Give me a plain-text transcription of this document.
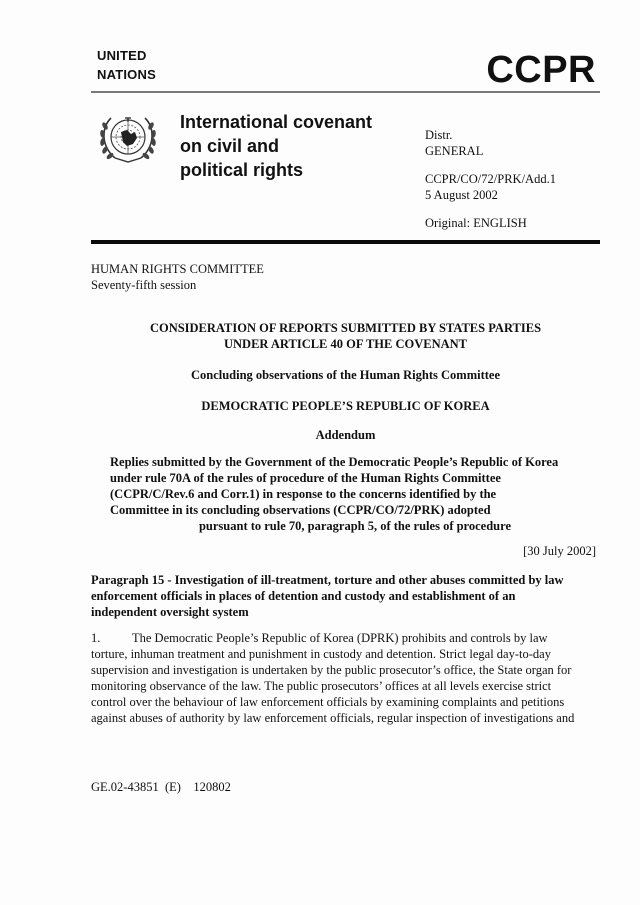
UNITED
NATIONS	CCPR
International covenant
on civil and
political rights
Distr.
GENERAL
CCPR/CO/72/PRK/Add.1
5 August 2002
Original: ENGLISH
HUMAN RIGHTS COMMITTEE
Seventy-fifth session
CONSIDERATION OF REPORTS SUBMITTED BY STATES PARTIES
UNDER ARTICLE 40 OF THE COVENANT
Concluding observations of the Human Rights Committee
DEMOCRATIC PEOPLE’S REPUBLIC OF KOREA
Addendum
Replies submitted by the Government of the Democratic People’s Republic of Korea
under rule 70A of the rules of procedure of the Human Rights Committee
(CCPR/C/Rev.6 and Corr.1) in response to the concerns identified by the
Committee in its concluding observations (CCPR/CO/72/PRK) adopted
pursuant to rule 70, paragraph 5, of the rules of procedure
[30 July 2002]
Paragraph 15 - Investigation of ill-treatment, torture and other abuses committed by law
enforcement officials in places of detention and custody and establishment of an
independent oversight system
1.	The Democratic People’s Republic of Korea (DPRK) prohibits and controls by law
torture, inhuman treatment and punishment in custody and detention. Strict legal day-to-day
supervision and investigation is undertaken by the public prosecutor’s office, the State organ for
monitoring observance of the law. The public prosecutors’ offices at all levels exercise strict
control over the behaviour of law enforcement officials by examining complaints and petitions
against abuses of authority by law enforcement officials, regular inspection of investigations and
GE.02-43851  (E)    120802
